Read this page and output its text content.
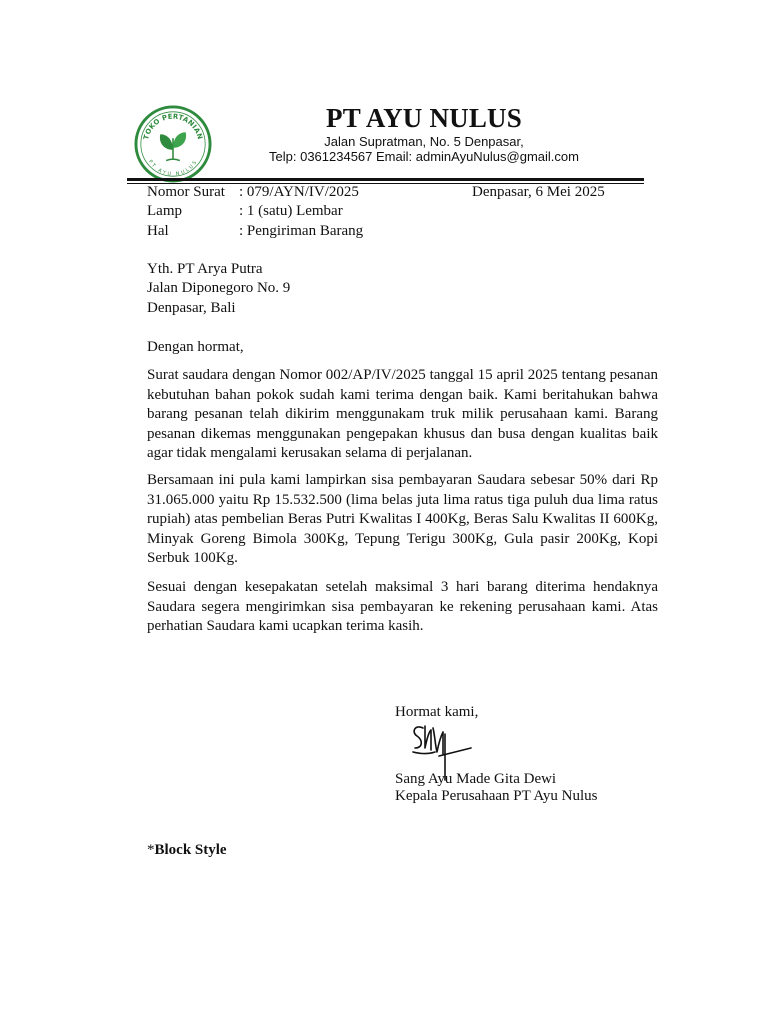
TOKO PERTANIAN
PT AYU NULUS
PT AYU NULUS
Jalan Supratman, No. 5 Denpasar,
Telp: 0361234567 Email: adminAyuNulus@gmail.com
Nomor Surat : 079/AYN/IV/2025	Denpasar, 6 Mei 2025
Lamp	: 1 (satu) Lembar
Hal	: Pengiriman Barang
Yth. PT Arya Putra
Jalan Diponegoro No. 9
Denpasar, Bali
Dengan hormat,

Surat saudara dengan Nomor 002/AP/IV/2025 tanggal 15 april 2025 tentang pesanan kebutuhan bahan pokok sudah kami terima dengan baik. Kami beritahukan bahwa barang pesanan telah dikirim menggunakam truk milik perusahaan kami. Barang pesanan dikemas menggunakan pengepakan khusus dan busa dengan kualitas baik agar tidak mengalami kerusakan selama di perjalanan.

Bersamaan ini pula kami lampirkan sisa pembayaran Saudara sebesar 50% dari Rp 31.065.000 yaitu Rp 15.532.500 (lima belas juta lima ratus tiga puluh dua lima ratus rupiah) atas pembelian Beras Putri Kwalitas I 400Kg, Beras Salu Kwalitas II 600Kg, Minyak Goreng Bimola 300Kg, Tepung Terigu 300Kg, Gula pasir 200Kg, Kopi Serbuk 100Kg.

Sesuai dengan kesepakatan setelah maksimal 3 hari barang diterima hendaknya Saudara segera mengirimkan sisa pembayaran ke rekening perusahaan kami. Atas perhatian Saudara kami ucapkan terima kasih.

Hormat kami,
Sang Ayu Made Gita Dewi
Kepala Perusahaan PT Ayu Nulus
*Block Style
